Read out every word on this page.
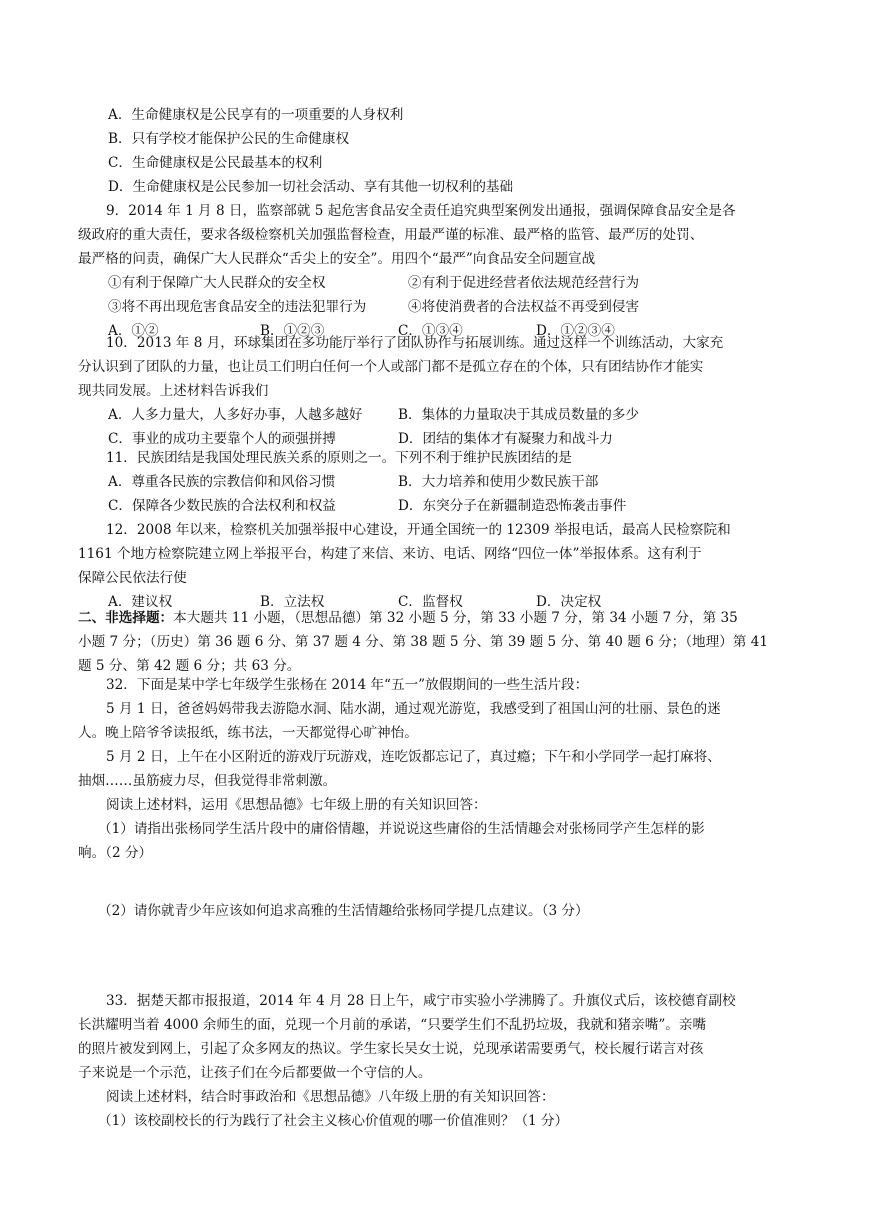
A．生命健康权是公民享有的一项重要的人身权利
B．只有学校才能保护公民的生命健康权
C．生命健康权是公民最基本的权利
D．生命健康权是公民参加一切社会活动、享有其他一切权利的基础
9．2014 年 1 月 8 日，监察部就 5 起危害食品安全责任追究典型案例发出通报，强调保障食品安全是各
级政府的重大责任，要求各级检察机关加强监督检查，用最严谨的标准、最严格的监管、最严厉的处罚、
最严格的问责，确保广大人民群众“舌尖上的安全”。用四个“最严”向食品安全问题宣战
①有利于保障广大人民群众的安全权	②有利于促进经营者依法规范经营行为
③将不再出现危害食品安全的违法犯罪行为	④将使消费者的合法权益不再受到侵害
A．①②	B．①②③	C．①③④	D．①②③④
10．2013 年 8 月，环球集团在多功能厅举行了团队协作与拓展训练。通过这样一个训练活动，大家充
分认识到了团队的力量，也让员工们明白任何一个人或部门都不是孤立存在的个体，只有团结协作才能实
现共同发展。上述材料告诉我们
A．人多力量大，人多好办事，人越多越好	B．集体的力量取决于其成员数量的多少
C．事业的成功主要靠个人的顽强拼搏	D．团结的集体才有凝聚力和战斗力
11．民族团结是我国处理民族关系的原则之一。下列不利于维护民族团结的是
A．尊重各民族的宗教信仰和风俗习惯	B．大力培养和使用少数民族干部
C．保障各少数民族的合法权利和权益	D．东突分子在新疆制造恐怖袭击事件
12．2008 年以来，检察机关加强举报中心建设，开通全国统一的 12309 举报电话，最高人民检察院和
1161 个地方检察院建立网上举报平台，构建了来信、来访、电话、网络“四位一体”举报体系。这有利于
保障公民依法行使
A．建议权	B．立法权	C．监督权	D．决定权
二、非选择题：本大题共 11 小题，（思想品德）第 32 小题 5 分，第 33 小题 7 分，第 34 小题 7 分，第 35
小题 7 分；（历史）第 36 题 6 分、第 37 题 4 分、第 38 题 5 分、第 39 题 5 分、第 40 题 6 分；（地理）第 41
题 5 分、第 42 题 6 分；共 63 分。
32．下面是某中学七年级学生张杨在 2014 年“五一”放假期间的一些生活片段：
5 月 1 日，爸爸妈妈带我去游隐水洞、陆水湖，通过观光游览，我感受到了祖国山河的壮丽、景色的迷
人。晚上陪爷爷读报纸，练书法，一天都觉得心旷神怡。
5 月 2 日，上午在小区附近的游戏厅玩游戏，连吃饭都忘记了，真过瘾；下午和小学同学一起打麻将、
抽烟……虽筋疲力尽，但我觉得非常刺激。
阅读上述材料，运用《思想品德》七年级上册的有关知识回答：
（1）请指出张杨同学生活片段中的庸俗情趣，并说说这些庸俗的生活情趣会对张杨同学产生怎样的影
响。（2 分）
（2）请你就青少年应该如何追求高雅的生活情趣给张杨同学提几点建议。（3 分）
33．据楚天都市报报道，2014 年 4 月 28 日上午，咸宁市实验小学沸腾了。升旗仪式后，该校德育副校
长洪耀明当着 4000 余师生的面，兑现一个月前的承诺，“只要学生们不乱扔垃圾，我就和猪亲嘴”。亲嘴
的照片被发到网上，引起了众多网友的热议。学生家长吴女士说，兑现承诺需要勇气，校长履行诺言对孩
子来说是一个示范，让孩子们在今后都要做一个守信的人。
阅读上述材料，结合时事政治和《思想品德》八年级上册的有关知识回答：
（1）该校副校长的行为践行了社会主义核心价值观的哪一价值准则？（1 分）
